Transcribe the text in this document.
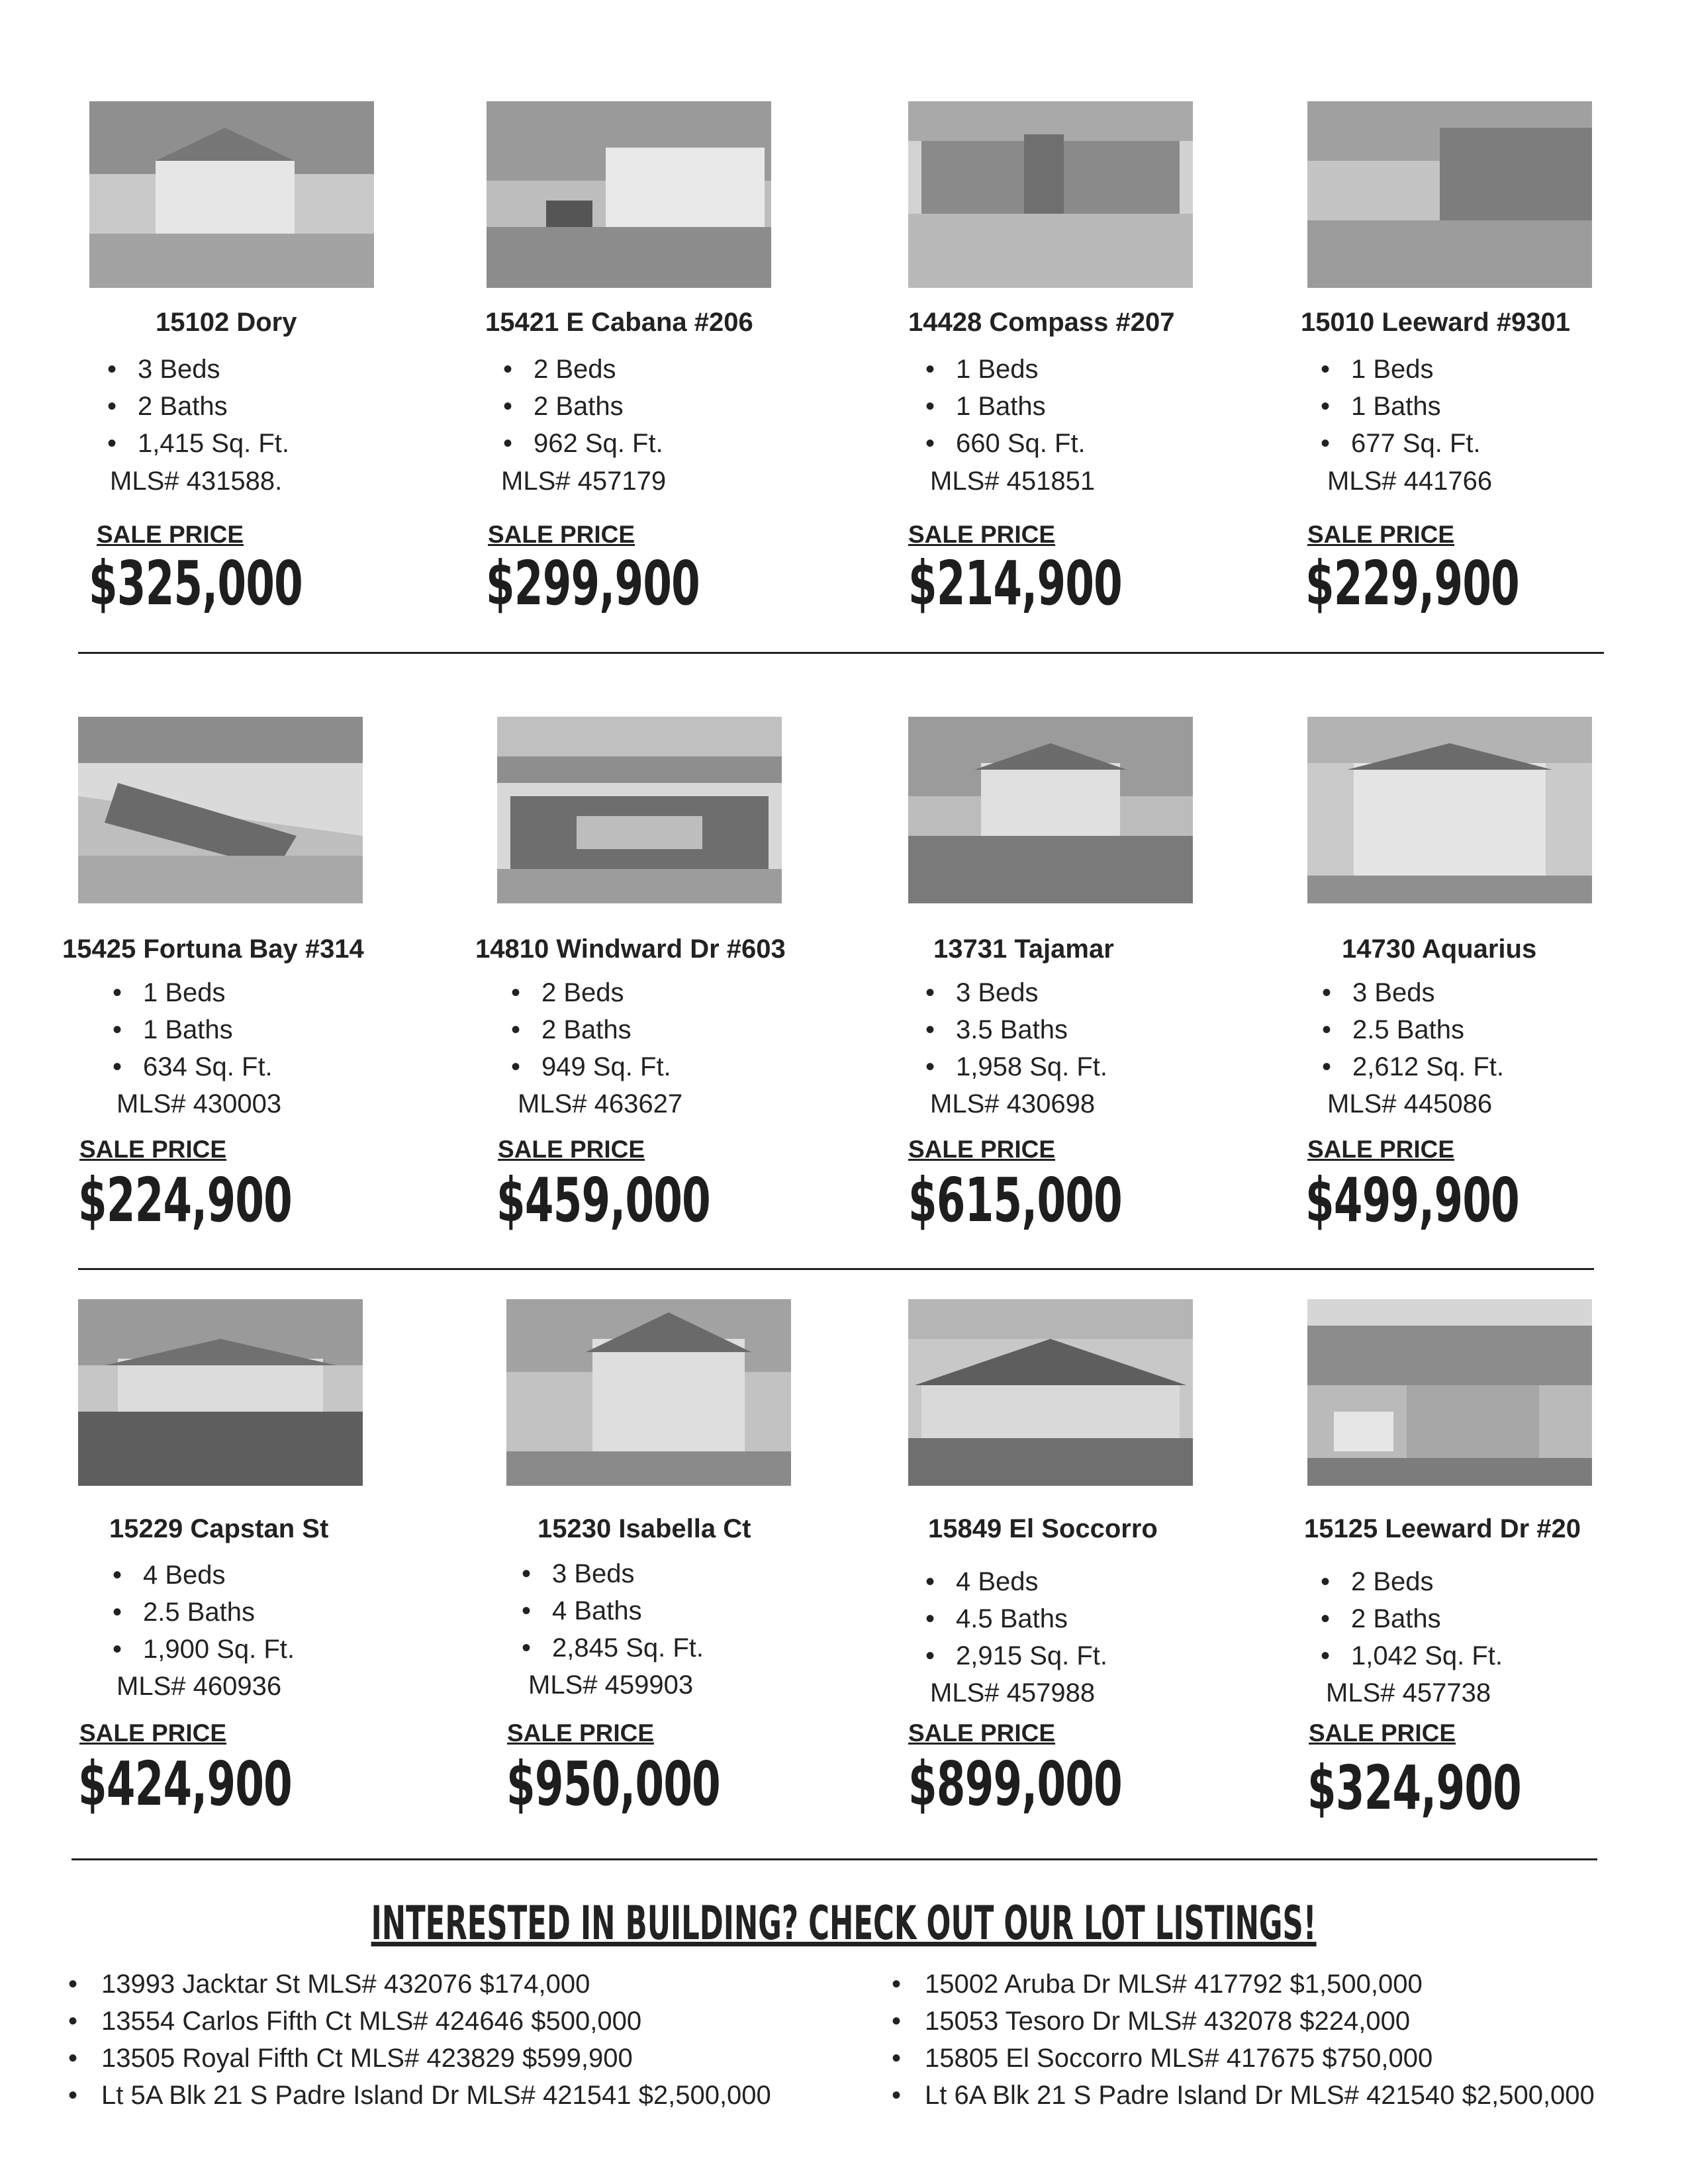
15102 Dory
• 3 Beds
• 2 Baths
• 1,415 Sq. Ft.
MLS# 431588.
SALE PRICE
$325,000
15421 E Cabana #206
• 2 Beds
• 2 Baths
• 962 Sq. Ft.
MLS# 457179
SALE PRICE
$299,900
14428 Compass #207
• 1 Beds
• 1 Baths
• 660 Sq. Ft.
MLS# 451851
SALE PRICE
$214,900
15010 Leeward #9301
• 1 Beds
• 1 Baths
• 677 Sq. Ft.
MLS# 441766
SALE PRICE
$229,900
15425 Fortuna Bay #314
• 1 Beds
• 1 Baths
• 634 Sq. Ft.
MLS# 430003
SALE PRICE
$224,900
14810 Windward Dr #603
• 2 Beds
• 2 Baths
• 949 Sq. Ft.
MLS# 463627
SALE PRICE
$459,000
13731 Tajamar
• 3 Beds
• 3.5 Baths
• 1,958 Sq. Ft.
MLS# 430698
SALE PRICE
$615,000
14730 Aquarius
• 3 Beds
• 2.5 Baths
• 2,612 Sq. Ft.
MLS# 445086
SALE PRICE
$499,900
15229 Capstan St
• 4 Beds
• 2.5 Baths
• 1,900 Sq. Ft.
MLS# 460936
SALE PRICE
$424,900
15230 Isabella Ct
• 3 Beds
• 4 Baths
• 2,845 Sq. Ft.
MLS# 459903
SALE PRICE
$950,000
15849 El Soccorro
• 4 Beds
• 4.5 Baths
• 2,915 Sq. Ft.
MLS# 457988
SALE PRICE
$899,000
15125 Leeward Dr #20
• 2 Beds
• 2 Baths
• 1,042 Sq. Ft.
MLS# 457738
SALE PRICE
$324,900
INTERESTED IN BUILDING? CHECK OUT OUR LOT LISTINGS!
• 13993 Jacktar St MLS# 432076 $174,000
• 13554 Carlos Fifth Ct MLS# 424646 $500,000
• 13505 Royal Fifth Ct MLS# 423829 $599,900
• Lt 5A Blk 21 S Padre Island Dr MLS# 421541 $2,500,000
• 15002 Aruba Dr MLS# 417792 $1,500,000
• 15053 Tesoro Dr MLS# 432078 $224,000
• 15805 El Soccorro MLS# 417675 $750,000
• Lt 6A Blk 21 S Padre Island Dr MLS# 421540 $2,500,000
